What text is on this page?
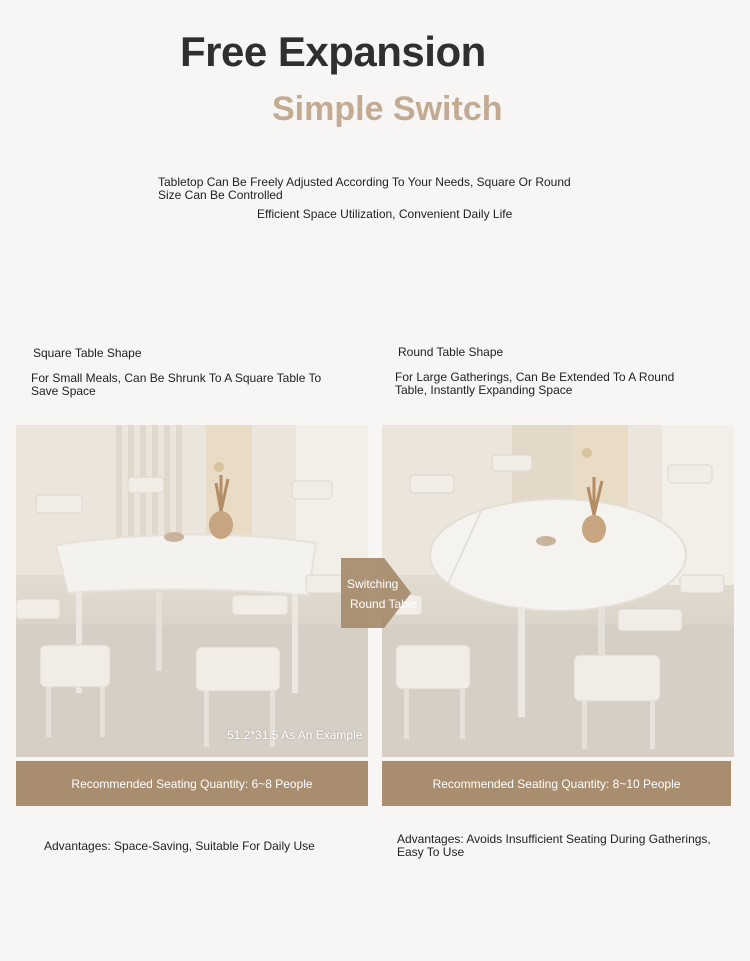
Free Expansion
Simple Switch
Tabletop Can Be Freely Adjusted According To Your Needs, Square Or Round Size Can Be Controlled
Efficient Space Utilization, Convenient Daily Life
Square Table Shape
For Small Meals, Can Be Shrunk To A Square Table To Save Space
Round Table Shape
For Large Gatherings, Can Be Extended To A Round Table, Instantly Expanding Space
Switching
Round Table
51.2*31.5 As An Example
Recommended Seating Quantity: 6~8 People	Recommended Seating Quantity: 8~10 People
Advantages: Space-Saving, Suitable For Daily Use	Advantages: Avoids Insufficient Seating During Gatherings, Easy To Use
